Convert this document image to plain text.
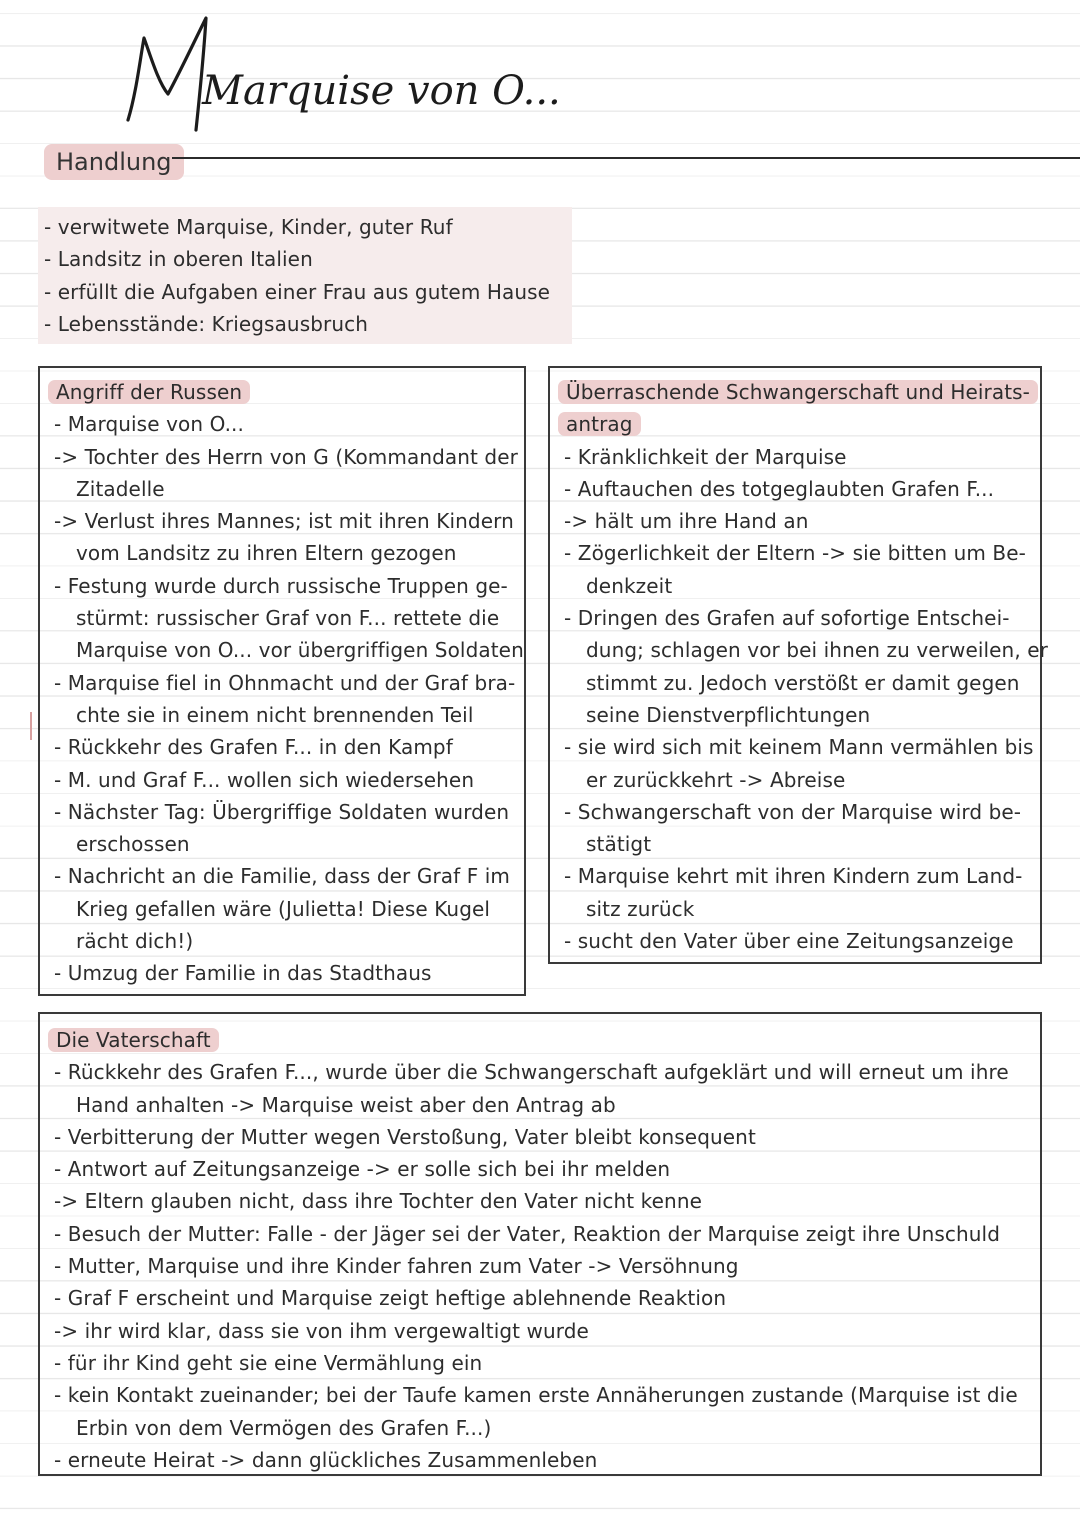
Marquise von O...
Handlung
- verwitwete Marquise, Kinder, guter Ruf
- Landsitz in oberen Italien
- erfüllt die Aufgaben einer Frau aus gutem Hause
- Lebensstände: Kriegsausbruch
Angriff der Russen
- Marquise von O...
-> Tochter des Herrn von G (Kommandant der
Zitadelle
-> Verlust ihres Mannes; ist mit ihren Kindern
vom Landsitz zu ihren Eltern gezogen
- Festung wurde durch russische Truppen ge-
stürmt: russischer Graf von F... rettete die
Marquise von O... vor übergriffigen Soldaten
- Marquise fiel in Ohnmacht und der Graf bra-
chte sie in einem nicht brennenden Teil
- Rückkehr des Grafen F... in den Kampf
- M. und Graf F... wollen sich wiedersehen
- Nächster Tag: Übergriffige Soldaten wurden
erschossen
- Nachricht an die Familie, dass der Graf F im
Krieg gefallen wäre (Julietta! Diese Kugel
rächt dich!)
- Umzug der Familie in das Stadthaus
Überraschende Schwangerschaft und Heirats-
antrag
- Kränklichkeit der Marquise
- Auftauchen des totgeglaubten Grafen F...
-> hält um ihre Hand an
- Zögerlichkeit der Eltern -> sie bitten um Be-
denkzeit
- Dringen des Grafen auf sofortige Entschei-
dung; schlagen vor bei ihnen zu verweilen, er
stimmt zu. Jedoch verstößt er damit gegen
seine Dienstverpflichtungen
- sie wird sich mit keinem Mann vermählen bis
er zurückkehrt -> Abreise
- Schwangerschaft von der Marquise wird be-
stätigt
- Marquise kehrt mit ihren Kindern zum Land-
sitz zurück
- sucht den Vater über eine Zeitungsanzeige
Die Vaterschaft
- Rückkehr des Grafen F..., wurde über die Schwangerschaft aufgeklärt und will erneut um ihre
Hand anhalten -> Marquise weist aber den Antrag ab
- Verbitterung der Mutter wegen Verstoßung, Vater bleibt konsequent
- Antwort auf Zeitungsanzeige -> er solle sich bei ihr melden
-> Eltern glauben nicht, dass ihre Tochter den Vater nicht kenne
- Besuch der Mutter: Falle - der Jäger sei der Vater, Reaktion der Marquise zeigt ihre Unschuld
- Mutter, Marquise und ihre Kinder fahren zum Vater -> Versöhnung
- Graf F erscheint und Marquise zeigt heftige ablehnende Reaktion
-> ihr wird klar, dass sie von ihm vergewaltigt wurde
- für ihr Kind geht sie eine Vermählung ein
- kein Kontakt zueinander; bei der Taufe kamen erste Annäherungen zustande (Marquise ist die
Erbin von dem Vermögen des Grafen F...)
- erneute Heirat -> dann glückliches Zusammenleben
